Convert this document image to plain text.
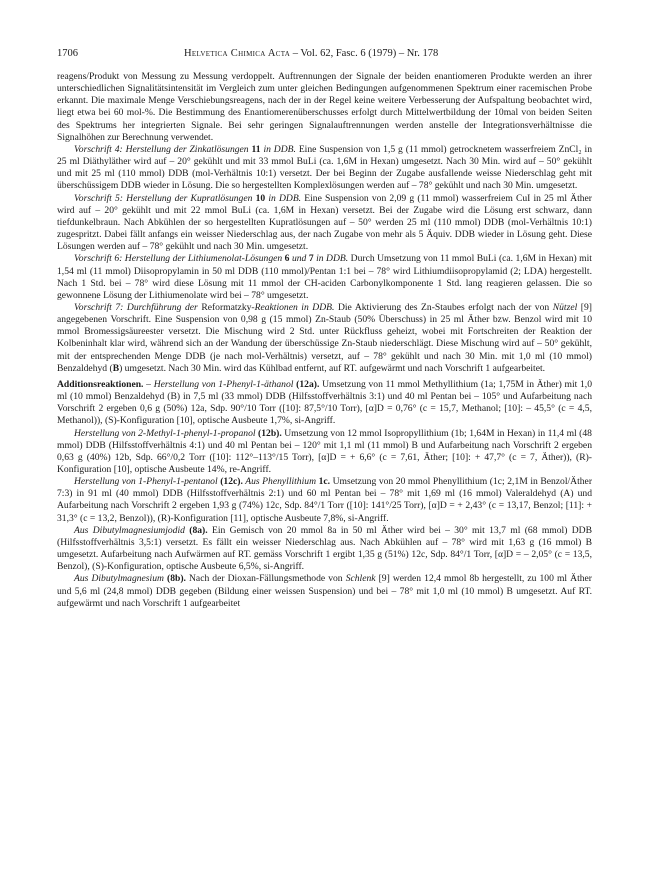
1706	Helvetica Chimica Acta – Vol. 62, Fasc. 6 (1979) – Nr. 178

reagens/Produkt von Messung zu Messung verdoppelt. Auftrennungen der Signale der beiden enantiomeren Produkte werden an ihrer unterschiedlichen Signalitätsintensität im Vergleich zum unter gleichen Bedingungen aufgenommenen Spektrum einer racemischen Probe erkannt. Die maximale Menge Verschiebungsreagens, nach der in der Regel keine weitere Verbesserung der Aufspaltung beobachtet wird, liegt etwa bei 60 mol-%. Die Bestimmung des Enantiomerenüberschusses erfolgt durch Mittelwertbildung der 10mal von beiden Seiten des Spektrums her integrierten Signale. Bei sehr geringen Signalauftrennungen werden anstelle der Integrationsverhältnisse die Signalhöhen zur Berechnung verwendet.

Vorschrift 4: Herstellung der Zinkatlösungen 11 in DDB. Eine Suspension von 1,5 g (11 mmol) getrocknetem wasserfreiem ZnCl₂ in 25 ml Diäthyläther wird auf – 20° gekühlt und mit 33 mmol BuLi (ca. 1,6M in Hexan) umgesetzt. Nach 30 Min. wird auf – 50° gekühlt und mit 25 ml (110 mmol) DDB (mol-Verhältnis 10:1) versetzt. Der bei Beginn der Zugabe ausfallende weisse Niederschlag geht mit überschüssigem DDB wieder in Lösung. Die so hergestellten Komplexlösungen werden auf – 78° gekühlt und nach 30 Min. umgesetzt.

Vorschrift 5: Herstellung der Kupratlösungen 10 in DDB. Eine Suspension von 2,09 g (11 mmol) wasserfreiem CuI in 25 ml Äther wird auf – 20° gekühlt und mit 22 mmol BuLi (ca. 1,6M in Hexan) versetzt. Bei der Zugabe wird die Lösung erst schwarz, dann tiefdunkelbraun. Nach Abkühlen der so hergestellten Kupratlösungen auf – 50° werden 25 ml (110 mmol) DDB (mol-Verhältnis 10:1) zugespritzt. Dabei fällt anfangs ein weisser Niederschlag aus, der nach Zugabe von mehr als 5 Äquiv. DDB wieder in Lösung geht. Diese Lösungen werden auf – 78° gekühlt und nach 30 Min. umgesetzt.

Vorschrift 6: Herstellung der Lithiumenolat-Lösungen 6 und 7 in DDB. Durch Umsetzung von 11 mmol BuLi (ca. 1,6M in Hexan) mit 1,54 ml (11 mmol) Diisopropylamin in 50 ml DDB (110 mmol)/Pentan 1:1 bei – 78° wird Lithiumdiisopropylamid (2; LDA) hergestellt. Nach 1 Std. bei – 78° wird diese Lösung mit 11 mmol der CH-aciden Carbonylkomponente 1 Std. lang reagieren gelassen. Die so gewonnene Lösung der Lithiumenolate wird bei – 78° umgesetzt.

Vorschrift 7: Durchführung der Reformatzky-Reaktionen in DDB. Die Aktivierung des Zn-Staubes erfolgt nach der von Nützel [9] angegebenen Vorschrift. Eine Suspension von 0,98 g (15 mmol) Zn-Staub (50% Überschuss) in 25 ml Äther bzw. Benzol wird mit 10 mmol Bromessigsäureester versetzt. Die Mischung wird 2 Std. unter Rückfluss geheizt, wobei mit Fortschreiten der Reaktion der Kolbeninhalt klar wird, während sich an der Wandung der überschüssige Zn-Staub niederschlägt. Diese Mischung wird auf – 50° gekühlt, mit der entsprechenden Menge DDB (je nach mol-Verhältnis) versetzt, auf – 78° gekühlt und nach 30 Min. mit 1,0 ml (10 mmol) Benzaldehyd (B) umgesetzt. Nach 30 Min. wird das Kühlbad entfernt, auf RT. aufgewärmt und nach Vorschrift 1 aufgearbeitet.

Additionsreaktionen. – Herstellung von 1-Phenyl-1-äthanol (12a). Umsetzung von 11 mmol Methyllithium (1a; 1,75M in Äther) mit 1,0 ml (10 mmol) Benzaldehyd (B) in 7,5 ml (33 mmol) DDB (Hilfsstoffverhältnis 3:1) und 40 ml Pentan bei – 105° und Aufarbeitung nach Vorschrift 2 ergeben 0,6 g (50%) 12a, Sdp. 90°/10 Torr ([10]: 87,5°/10 Torr), [α]D = 0,76° (c = 15,7, Methanol; [10]: – 45,5° (c = 4,5, Methanol)), (S)-Konfiguration [10], optische Ausbeute 1,7%, si-Angriff.

Herstellung von 2-Methyl-1-phenyl-1-propanol (12b). Umsetzung von 12 mmol Isopropyllithium (1b; 1,64M in Hexan) in 11,4 ml (48 mmol) DDB (Hilfsstoffverhältnis 4:1) und 40 ml Pentan bei – 120° mit 1,1 ml (11 mmol) B und Aufarbeitung nach Vorschrift 2 ergeben 0,63 g (40%) 12b, Sdp. 66°/0,2 Torr ([10]: 112°–113°/15 Torr), [α]D = + 6,6° (c = 7,61, Äther; [10]: + 47,7° (c = 7, Äther)), (R)-Konfiguration [10], optische Ausbeute 14%, re-Angriff.

Herstellung von 1-Phenyl-1-pentanol (12c). Aus Phenyllithium 1c. Umsetzung von 20 mmol Phenyllithium (1c; 2,1M in Benzol/Äther 7:3) in 91 ml (40 mmol) DDB (Hilfsstoffverhältnis 2:1) und 60 ml Pentan bei – 78° mit 1,69 ml (16 mmol) Valeraldehyd (A) und Aufarbeitung nach Vorschrift 2 ergeben 1,93 g (74%) 12c, Sdp. 84°/1 Torr ([10]: 141°/25 Torr), [α]D = + 2,43° (c = 13,17, Benzol; [11]: + 31,3° (c = 13,2, Benzol)), (R)-Konfiguration [11], optische Ausbeute 7,8%, si-Angriff.

Aus Dibutylmagnesiumjodid (8a). Ein Gemisch von 20 mmol 8a in 50 ml Äther wird bei – 30° mit 13,7 ml (68 mmol) DDB (Hilfsstoffverhältnis 3,5:1) versetzt. Es fällt ein weisser Niederschlag aus. Nach Abkühlen auf – 78° wird mit 1,63 g (16 mmol) B umgesetzt. Aufarbeitung nach Aufwärmen auf RT. gemäss Vorschrift 1 ergibt 1,35 g (51%) 12c, Sdp. 84°/1 Torr, [α]D = – 2,05° (c = 13,5, Benzol), (S)-Konfiguration, optische Ausbeute 6,5%, si-Angriff.

Aus Dibutylmagnesium (8b). Nach der Dioxan-Fällungsmethode von Schlenk [9] werden 12,4 mmol 8b hergestellt, zu 100 ml Äther und 5,6 ml (24,8 mmol) DDB gegeben (Bildung einer weissen Suspension) und bei – 78° mit 1,0 ml (10 mmol) B umgesetzt. Auf RT. aufgewärmt und nach Vorschrift 1 aufgearbeitet
